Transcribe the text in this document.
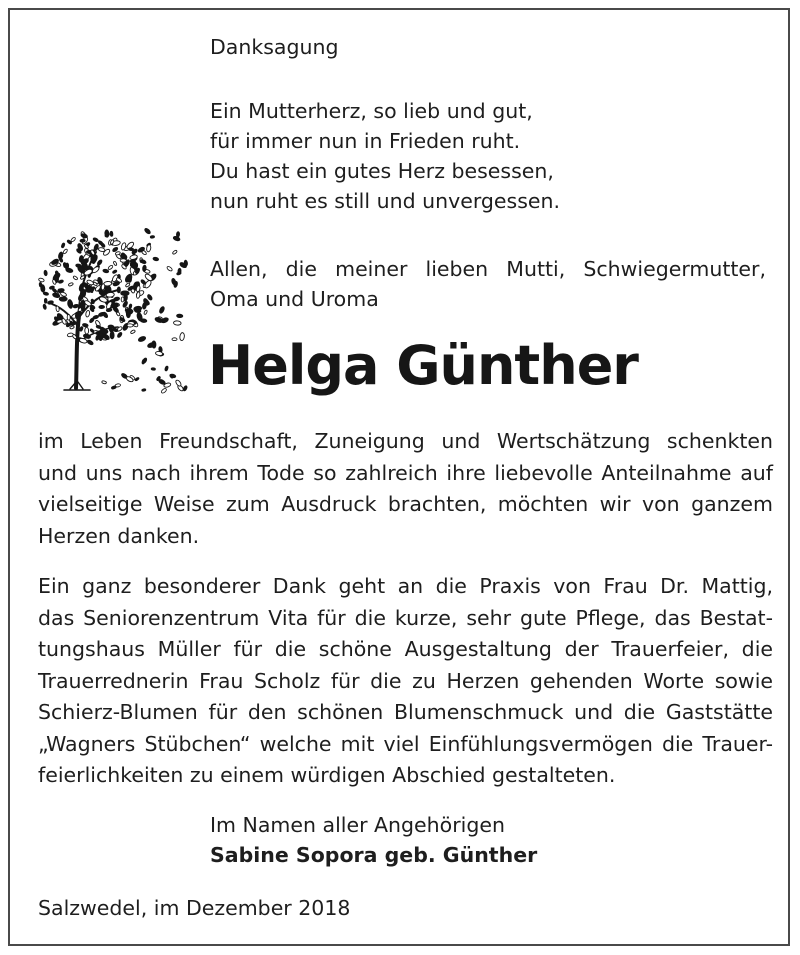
Danksagung
Ein Mutterherz, so lieb und gut,
für immer nun in Frieden ruht.
Du hast ein gutes Herz besessen,
nun ruht es still und unvergessen.
Allen, die meiner lieben Mutti, Schwiegermutter,
Oma und Uroma
Helga Günther
im Leben Freundschaft, Zuneigung und Wertschätzung schenkten
und uns nach ihrem Tode so zahlreich ihre liebevolle Anteilnahme auf
vielseitige Weise zum Ausdruck brachten, möchten wir von ganzem
Herzen danken.
Ein ganz besonderer Dank geht an die Praxis von Frau Dr. Mattig,
das Seniorenzentrum Vita für die kurze, sehr gute Pflege, das Bestat-
tungshaus Müller für die schöne Ausgestaltung der Trauerfeier, die
Trauerrednerin Frau Scholz für die zu Herzen gehenden Worte sowie
Schierz-Blumen für den schönen Blumenschmuck und die Gaststätte
„Wagners Stübchen“ welche mit viel Einfühlungsvermögen die Trauer-
feierlichkeiten zu einem würdigen Abschied gestalteten.
Im Namen aller Angehörigen
Sabine Sopora geb. Günther
Salzwedel, im Dezember 2018
